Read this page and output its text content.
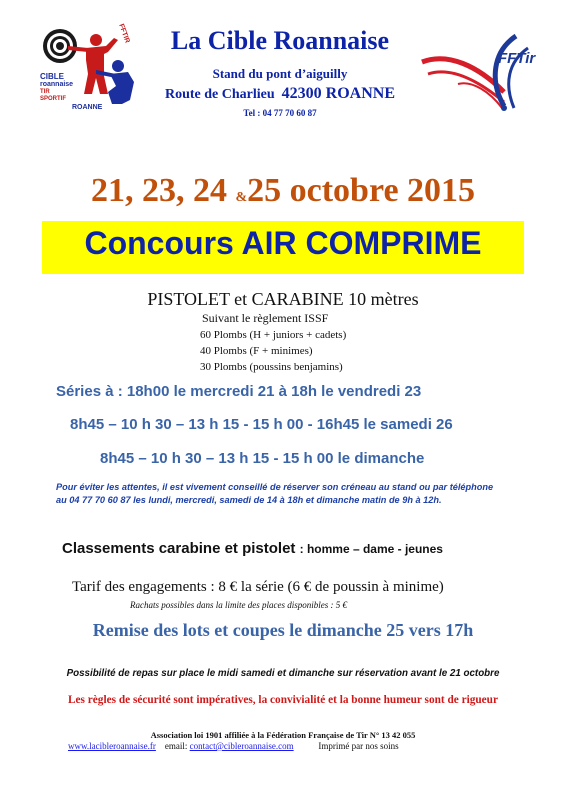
FFTIR
CIBLE
roannaise
TIR
SPORTIF
ROANNE
FFTir
La Cible Roannaise
Stand du pont d’aiguilly
Route de Charlieu 42300 ROANNE
Tel : 04 77 70 60 87
21, 23, 24 &25 octobre 2015
Concours AIR COMPRIME
PISTOLET et CARABINE 10 mètres
Suivant le règlement ISSF
60 Plombs (H + juniors + cadets)
40 Plombs (F + minimes)
30 Plombs (poussins benjamins)
Séries à : 18h00 le mercredi 21 à 18h le vendredi 23
8h45 – 10 h 30 – 13 h 15 - 15 h 00 - 16h45 le samedi 26
8h45 – 10 h 30 – 13 h 15 - 15 h 00 le dimanche
Pour éviter les attentes, il est vivement conseillé de réserver son créneau au stand ou par téléphone
au 04 77 70 60 87 les lundi, mercredi, samedi de 14 à 18h et dimanche matin de 9h à 12h.
Classements carabine et pistolet : homme – dame - jeunes
Tarif des engagements : 8 € la série (6 € de poussin à minime)
Rachats possibles dans la limite des places disponibles : 5 €
Remise des lots et coupes le dimanche 25 vers 17h
Possibilité de repas sur place le midi samedi et dimanche sur réservation avant le 21 octobre
Les règles de sécurité sont impératives, la convivialité et la bonne humeur sont de rigueur
Association loi 1901 affiliée à la Fédération Française de Tir N° 13 42 055
www.lacibleroannaise.fr email: contact@cibleroannaise.com	Imprimé par nos soins
